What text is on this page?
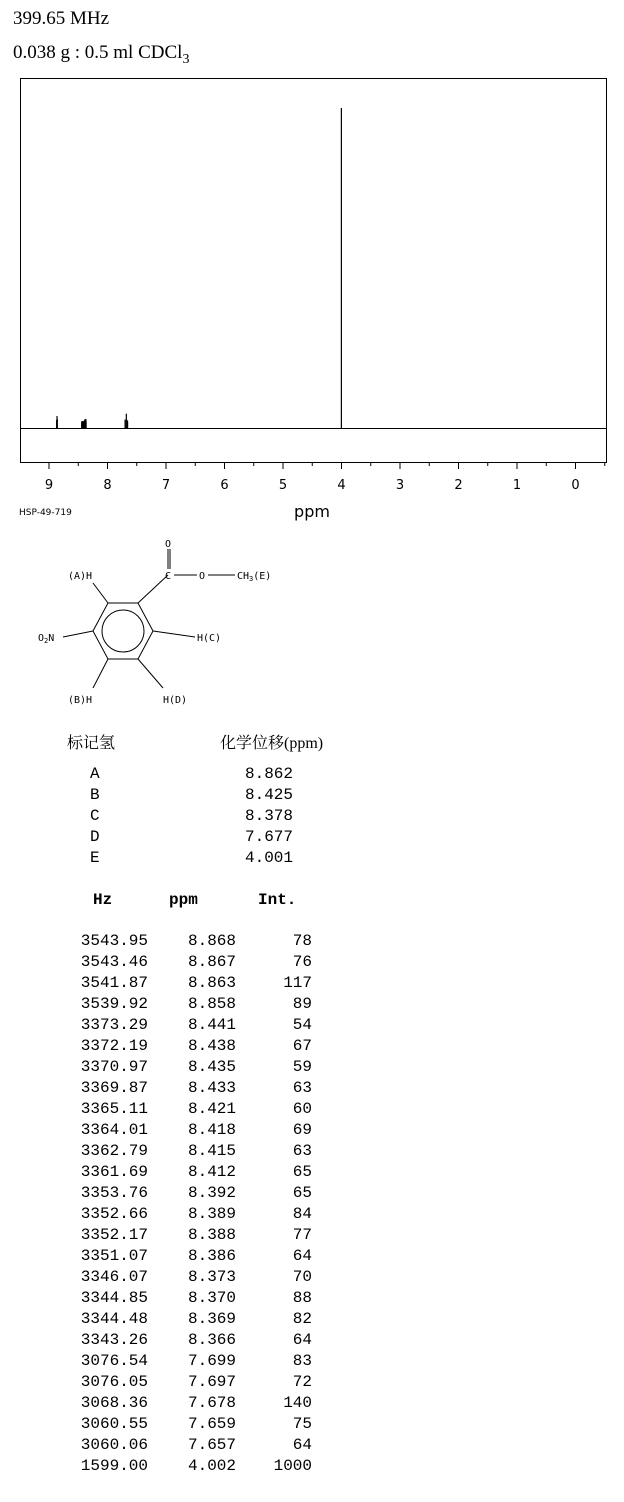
399.65 MHz
0.038 g : 0.5 ml CDCl$_3$
9	8	7	6	5	4	3	2	1	0
ppm
HSP-49-719
O
C	O	$CH_3(E)$
(A)H
H(C)
$O_2N$
(B)H	H(D)
标记氢	化学位移(ppm)
A	8.862
B	8.425
C	8.378
D	7.677
E	4.001
Hz	ppm	Int.
3543.95 8.868	78
3543.46 8.867	76
3541.87 8.863	117
3539.92 8.858	89
3373.29 8.441	54
3372.19 8.438	67
3370.97 8.435	59
3369.87 8.433	63
3365.11 8.421	60
3364.01 8.418	69
3362.79 8.415	63
3361.69 8.412	65
3353.76 8.392	65
3352.66 8.389	84
3352.17 8.388	77
3351.07 8.386	64
3346.07 8.373	70
3344.85 8.370	88
3344.48 8.369	82
3343.26 8.366	64
3076.54 7.699	83
3076.05 7.697	72
3068.36 7.678	140
3060.55 7.659	75
3060.06 7.657	64
1599.00 4.002 1000
